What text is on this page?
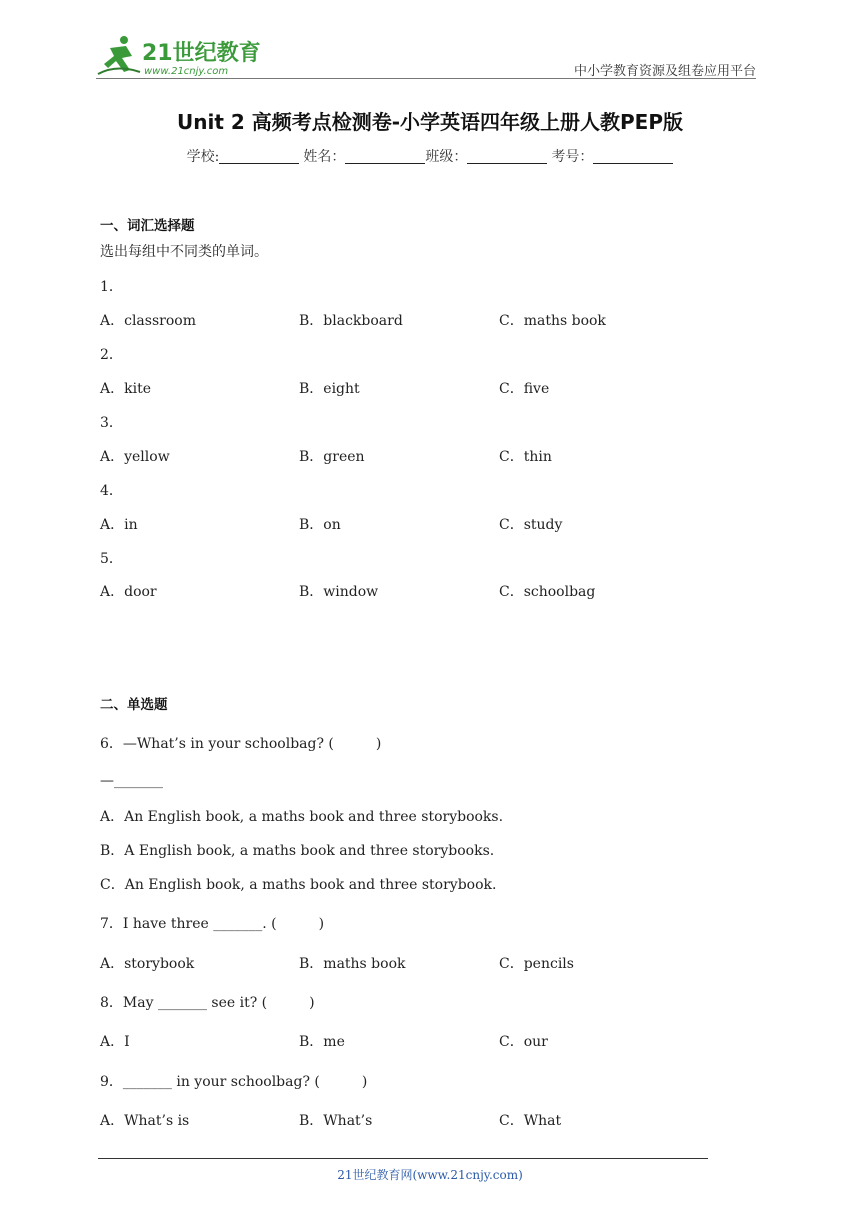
21世纪教育
www.21cnjy.com	中小学教育资源及组卷应用平台
Unit 2 高频考点检测卷-小学英语四年级上册人教PEP版
学校:	姓名：	班级：	考号：
一、词汇选择题
选出每组中不同类的单词。
1．
A．classroom	B．blackboard	C．maths book
2．
A．kite	B．eight	C．five
3．
A．yellow	B．green	C．thin
4．
A．in	B．on	C．study
5．
A．door	B．window	C．schoolbag
二、单选题
6．—What’s in your schoolbag? (　　　)
—_______
A．An English book, a maths book and three storybooks.
B．A English book, a maths book and three storybooks.
C．An English book, a maths book and three storybook.
7．I have three _______. (　　　)
A．storybook	B．maths book	C．pencils
8．May _______ see it? (　　　)
A．I	B．me	C．our
9．_______ in your schoolbag? (　　　)
A．What’s is	B．What’s	C．What
21世纪教育网(www.21cnjy.com)
